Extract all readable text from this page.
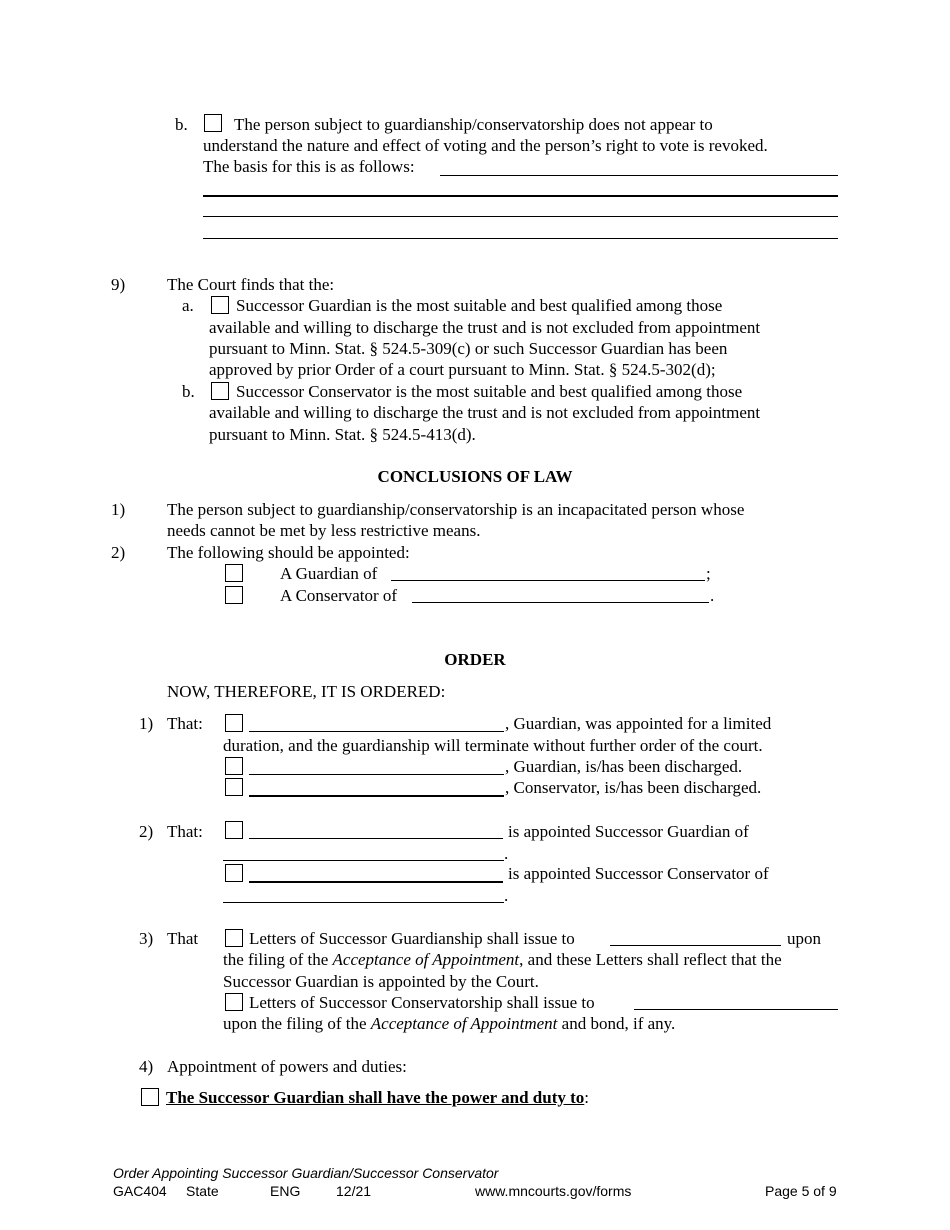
b.	The person subject to guardianship/conservatorship does not appear to
understand the nature and effect of voting and the person’s right to vote is revoked.
The basis for this is as follows:
9) The Court finds that the:
a. Successor Guardian is the most suitable and best qualified among those
available and willing to discharge the trust and is not excluded from appointment
pursuant to Minn. Stat. § 524.5-309(c) or such Successor Guardian has been
approved by prior Order of a court pursuant to Minn. Stat. § 524.5-302(d);
b. Successor Conservator is the most suitable and best qualified among those
available and willing to discharge the trust and is not excluded from appointment
pursuant to Minn. Stat. § 524.5-413(d).
CONCLUSIONS OF LAW
1) The person subject to guardianship/conservatorship is an incapacitated person whose
needs cannot be met by less restrictive means.
2) The following should be appointed:
A Guardian of	;
A Conservator of	.
ORDER
NOW, THEREFORE, IT IS ORDERED:
1) That:	, Guardian, was appointed for a limited
duration, and the guardianship will terminate without further order of the court.
, Guardian, is/has been discharged.
, Conservator, is/has been discharged.
2) That:	is appointed Successor Guardian of
.
is appointed Successor Conservator of
.
3) That	Letters of Successor Guardianship shall issue to	upon
the filing of the Acceptance of Appointment, and these Letters shall reflect that the
Successor Guardian is appointed by the Court.
Letters of Successor Conservatorship shall issue to
upon the filing of the Acceptance of Appointment and bond, if any.
4) Appointment of powers and duties:
The Successor Guardian shall have the power and duty to:
Order Appointing Successor Guardian/Successor Conservator
GAC404 State	ENG	12/21	www.mncourts.gov/forms	Page 5 of 9
